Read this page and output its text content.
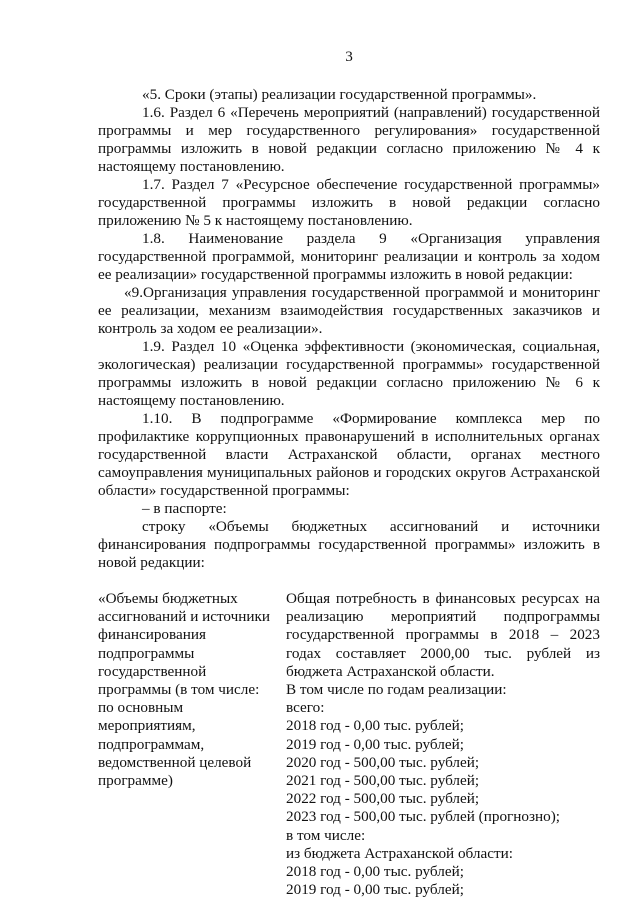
3

«5. Сроки (этапы) реализации государственной программы».

1.6. Раздел 6 «Перечень мероприятий (направлений) государственной программы и мер государственного регулирования» государственной программы изложить в новой редакции согласно приложению № 4 к настоящему постановлению.

1.7. Раздел 7 «Ресурсное обеспечение государственной программы» государственной программы изложить в новой редакции согласно приложению № 5 к настоящему постановлению.

1.8. Наименование раздела 9 «Организация управления государственной программой, мониторинг реализации и контроль за ходом ее реализации» государственной программы изложить в новой редакции:

«9.Организация управления государственной программой и мониторинг ее реализации, механизм взаимодействия государственных заказчиков и контроль за ходом ее реализации».

1.9. Раздел 10 «Оценка эффективности (экономическая, социальная, экологическая) реализации государственной программы» государственной программы изложить в новой редакции согласно приложению № 6 к настоящему постановлению.

1.10. В подпрограмме «Формирование комплекса мер по профилактике коррупционных правонарушений в исполнительных органах государственной власти Астраханской области, органах местного самоуправления муниципальных районов и городских округов Астраханской области» государственной программы:

– в паспорте:

строку «Объемы бюджетных ассигнований и источники финансирования подпрограммы государственной программы» изложить в новой редакции:

«Объемы бюджетных ассигнований и источники финансирования подпрограммы государственной программы (в том числе: по основным мероприятиям, подпрограммам, ведомственной целевой программе)

Общая потребность в финансовых ресурсах на реализацию мероприятий подпрограммы государственной программы в 2018 – 2023 годах составляет 2000,00 тыс. рублей из бюджета Астраханской области.

В том числе по годам реализации:
всего:
2018 год - 0,00 тыс. рублей;
2019 год - 0,00 тыс. рублей;
2020 год - 500,00 тыс. рублей;
2021 год - 500,00 тыс. рублей;
2022 год - 500,00 тыс. рублей;
2023 год - 500,00 тыс. рублей (прогнозно);
в том числе:
из бюджета Астраханской области:
2018 год - 0,00 тыс. рублей;
2019 год - 0,00 тыс. рублей;
